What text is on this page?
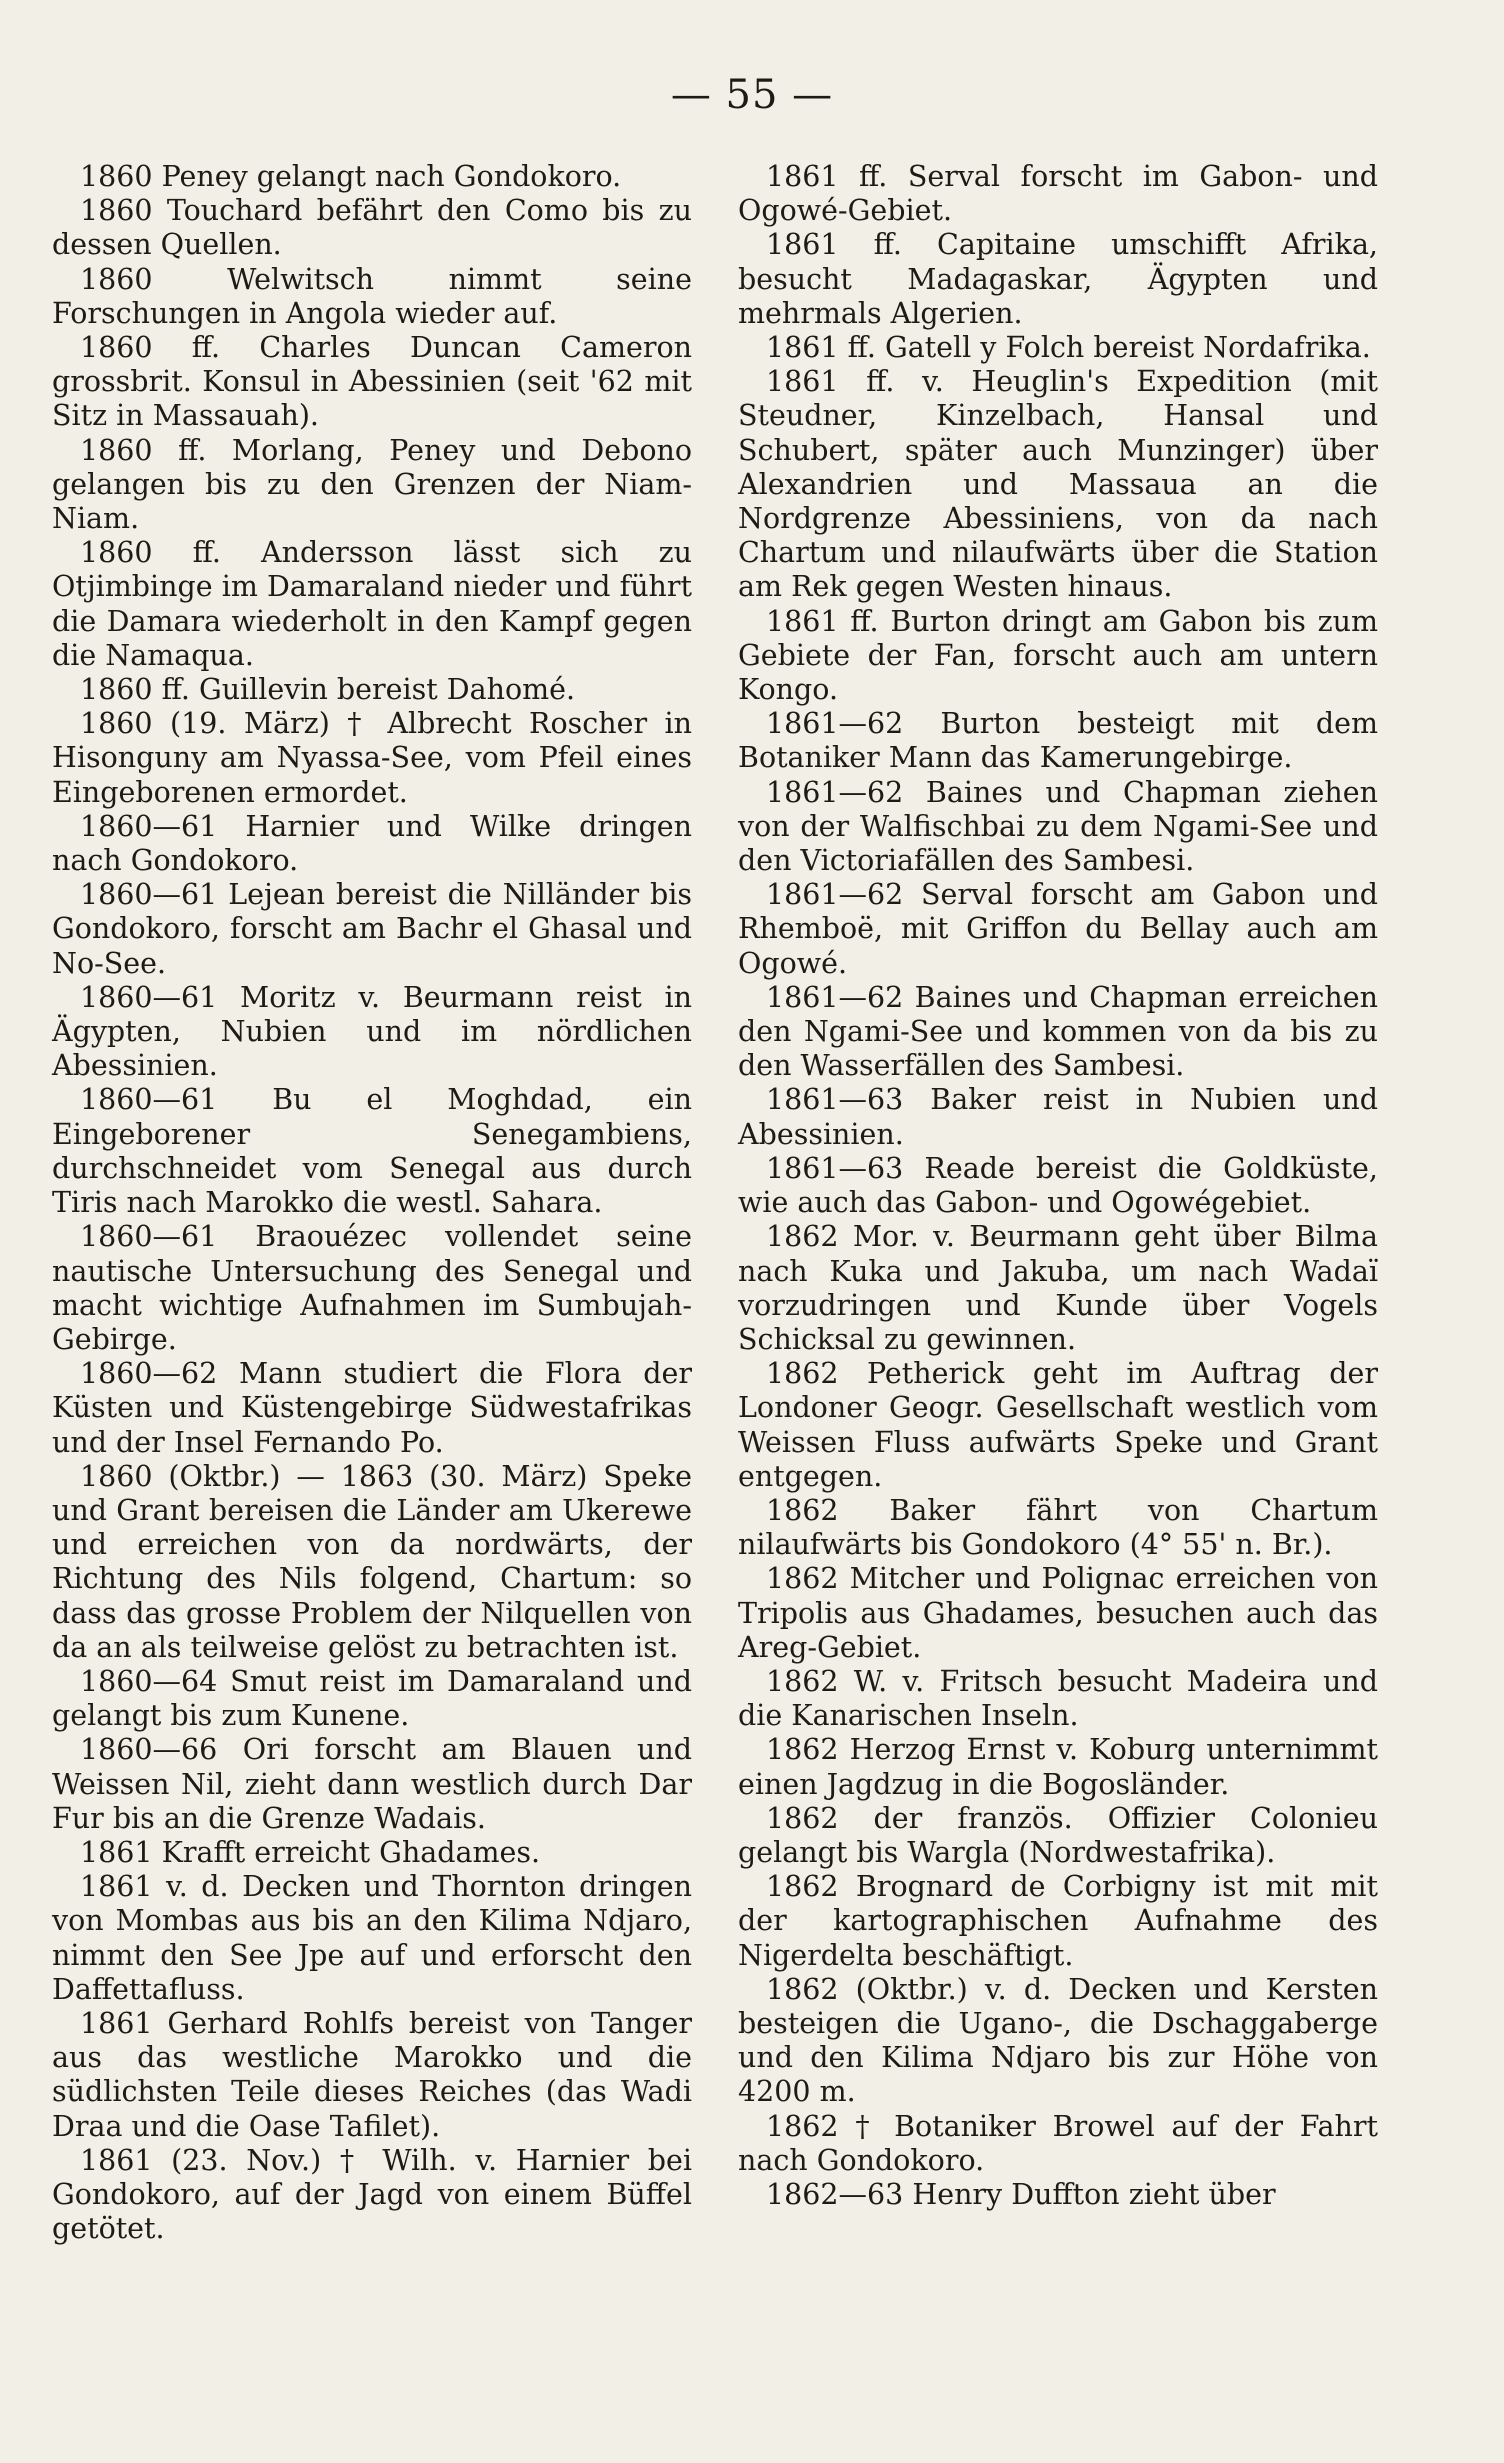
— 55 —

1860 Peney gelangt nach Gondokoro.

1860 Touchard befährt den Como bis zu dessen Quellen.

1860 Welwitsch nimmt seine Forschungen in Angola wieder auf.

1860 ff. Charles Duncan Cameron grossbrit. Konsul in Abessinien (seit '62 mit Sitz in Massauah).

1860 ff. Morlang, Peney und Debono gelangen bis zu den Grenzen der Niam-Niam.

1860 ff. Andersson lässt sich zu Otjimbinge im Damaraland nieder und führt die Damara wiederholt in den Kampf gegen die Namaqua.

1860 ff. Guillevin bereist Dahomé.

1860 (19. März) † Albrecht Roscher in Hisonguny am Nyassa-See, vom Pfeil eines Eingeborenen ermordet.

1860—61 Harnier und Wilke dringen nach Gondokoro.

1860—61 Lejean bereist die Nilländer bis Gondokoro, forscht am Bachr el Ghasal und No-See.

1860—61 Moritz v. Beurmann reist in Ägypten, Nubien und im nördlichen Abessinien.

1860—61 Bu el Moghdad, ein Eingeborener Senegambiens, durchschneidet vom Senegal aus durch Tiris nach Marokko die westl. Sahara.

1860—61 Braouézec vollendet seine nautische Untersuchung des Senegal und macht wichtige Aufnahmen im Sumbujah-Gebirge.

1860—62 Mann studiert die Flora der Küsten und Küstengebirge Südwestafrikas und der Insel Fernando Po.

1860 (Oktbr.) — 1863 (30. März) Speke und Grant bereisen die Länder am Ukerewe und erreichen von da nordwärts, der Richtung des Nils folgend, Chartum: so dass das grosse Problem der Nilquellen von da an als teilweise gelöst zu betrachten ist.

1860—64 Smut reist im Damaraland und gelangt bis zum Kunene.

1860—66 Ori forscht am Blauen und Weissen Nil, zieht dann westlich durch Dar Fur bis an die Grenze Wadais.

1861 Krafft erreicht Ghadames.

1861 v. d. Decken und Thornton dringen von Mombas aus bis an den Kilima Ndjaro, nimmt den See Jpe auf und erforscht den Daffettafluss.

1861 Gerhard Rohlfs bereist von Tanger aus das westliche Marokko und die südlichsten Teile dieses Reiches (das Wadi Draa und die Oase Tafilet).

1861 (23. Nov.) † Wilh. v. Harnier bei Gondokoro, auf der Jagd von einem Büffel getötet.

1861 ff. Serval forscht im Gabon- und Ogowé-Gebiet.

1861 ff. Capitaine umschifft Afrika, besucht Madagaskar, Ägypten und mehrmals Algerien.

1861 ff. Gatell y Folch bereist Nordafrika.

1861 ff. v. Heuglin's Expedition (mit Steudner, Kinzelbach, Hansal und Schubert, später auch Munzinger) über Alexandrien und Massaua an die Nordgrenze Abessiniens, von da nach Chartum und nilaufwärts über die Station am Rek gegen Westen hinaus.

1861 ff. Burton dringt am Gabon bis zum Gebiete der Fan, forscht auch am untern Kongo.

1861—62 Burton besteigt mit dem Botaniker Mann das Kamerungebirge.

1861—62 Baines und Chapman ziehen von der Walfischbai zu dem Ngami-See und den Victoriafällen des Sambesi.

1861—62 Serval forscht am Gabon und Rhemboë, mit Griffon du Bellay auch am Ogowé.

1861—62 Baines und Chapman erreichen den Ngami-See und kommen von da bis zu den Wasserfällen des Sambesi.

1861—63 Baker reist in Nubien und Abessinien.

1861—63 Reade bereist die Goldküste, wie auch das Gabon- und Ogowégebiet.

1862 Mor. v. Beurmann geht über Bilma nach Kuka und Jakuba, um nach Wadaï vorzudringen und Kunde über Vogels Schicksal zu gewinnen.

1862 Petherick geht im Auftrag der Londoner Geogr. Gesellschaft westlich vom Weissen Fluss aufwärts Speke und Grant entgegen.

1862 Baker fährt von Chartum nilaufwärts bis Gondokoro (4° 55' n. Br.).

1862 Mitcher und Polignac erreichen von Tripolis aus Ghadames, besuchen auch das Areg-Gebiet.

1862 W. v. Fritsch besucht Madeira und die Kanarischen Inseln.

1862 Herzog Ernst v. Koburg unternimmt einen Jagdzug in die Bogosländer.

1862 der französ. Offizier Colonieu gelangt bis Wargla (Nordwestafrika).

1862 Brognard de Corbigny ist mit mit der kartographischen Aufnahme des Nigerdelta beschäftigt.

1862 (Oktbr.) v. d. Decken und Kersten besteigen die Ugano-, die Dschaggaberge und den Kilima Ndjaro bis zur Höhe von 4200 m.

1862 † Botaniker Browel auf der Fahrt nach Gondokoro.

1862—63 Henry Duffton zieht über
